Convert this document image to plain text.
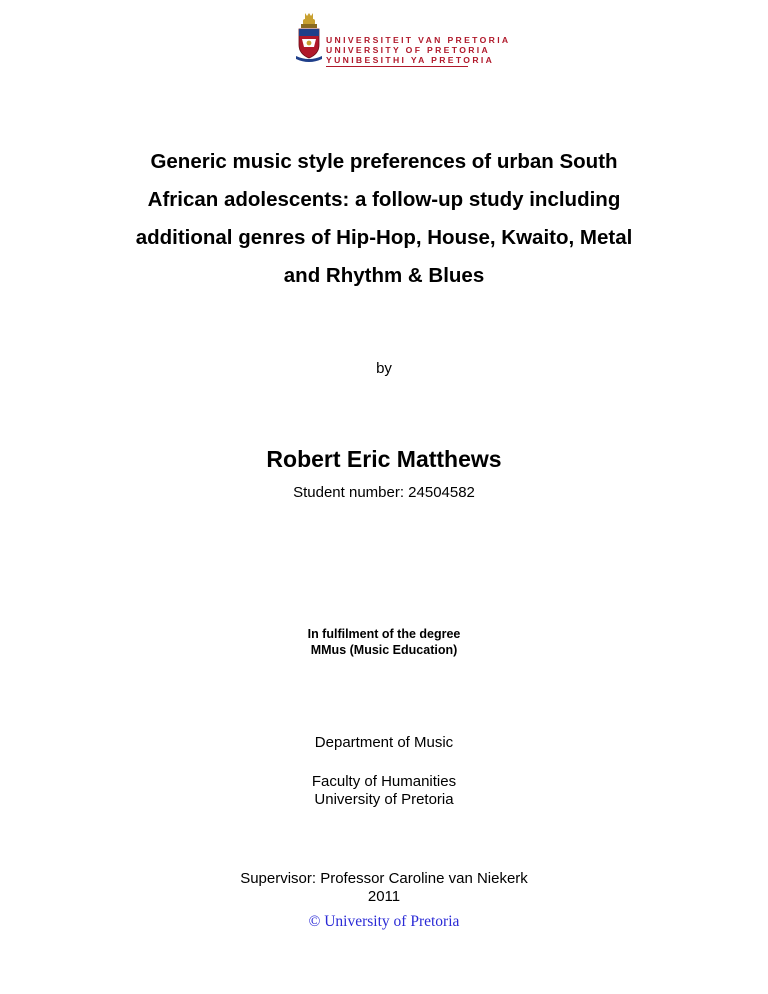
UNIVERSITEIT VAN PRETORIA
UNIVERSITY OF PRETORIA
YUNIBESITHI YA PRETORIA
Generic music style preferences of urban South
African adolescents: a follow-up study including
additional genres of Hip-Hop, House, Kwaito, Metal
and Rhythm & Blues
by
Robert Eric Matthews
Student number: 24504582
In fulfilment of the degree
MMus (Music Education)
Department of Music
Faculty of Humanities
University of Pretoria
Supervisor: Professor Caroline van Niekerk
2011
© University of Pretoria
